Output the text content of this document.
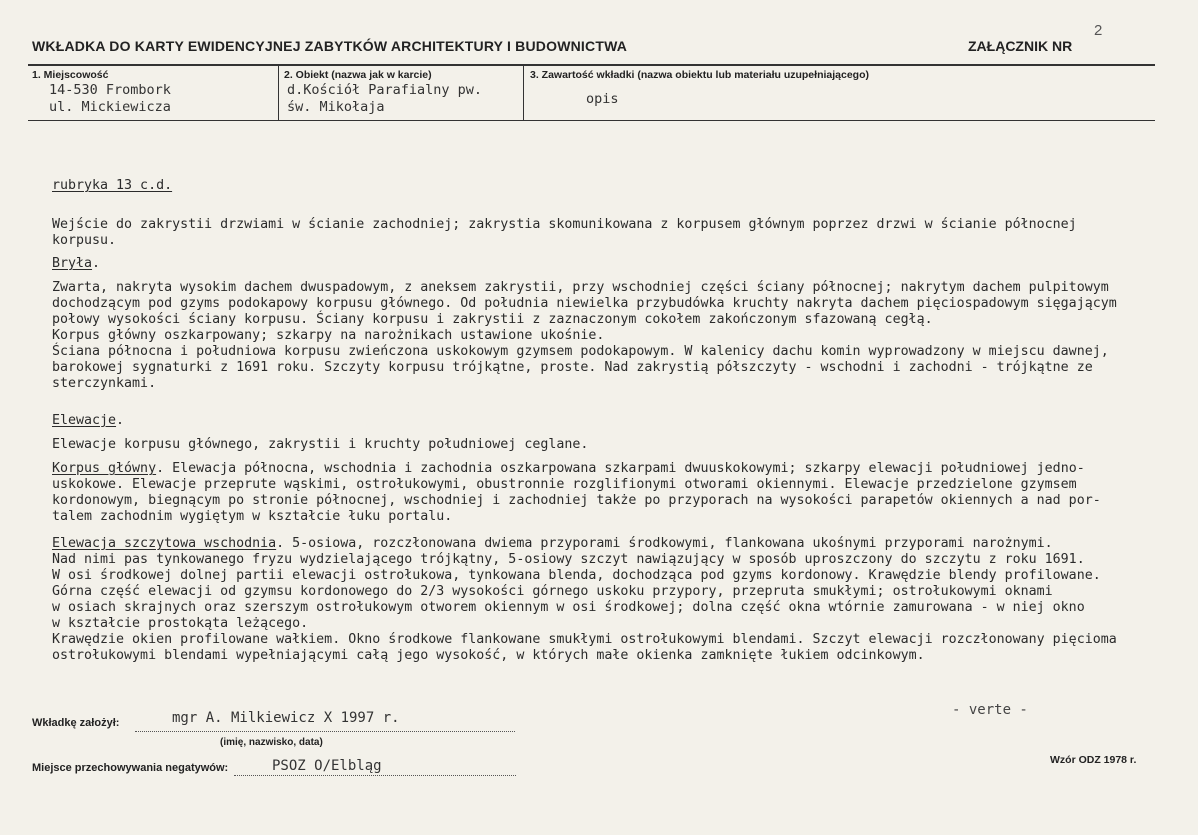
WKŁADKA DO KARTY EWIDENCYJNEJ ZABYTKÓW ARCHITEKTURY I BUDOWNICTWA	ZAŁĄCZNIK NR
2
1. Miejscowość
14-530 Frombork
ul. Mickiewicza
2. Obiekt (nazwa jak w karcie)
d.Kościół Parafialny pw.
św. Mikołaja
3. Zawartość wkładki (nazwa obiektu lub materiału uzupełniającego)
opis
rubryka 13 c.d.
Wejście do zakrystii drzwiami w ścianie zachodniej; zakrystia skomunikowana z korpusem głównym poprzez drzwi w ścianie północnej
korpusu.
Bryła.
Zwarta, nakryta wysokim dachem dwuspadowym, z aneksem zakrystii, przy wschodniej części ściany północnej; nakrytym dachem pulpitowym
dochodzącym pod gzyms podokapowy korpusu głównego. Od południa niewielka przybudówka kruchty nakryta dachem pięciospadowym sięgającym
połowy wysokości ściany korpusu. Ściany korpusu i zakrystii z zaznaczonym cokołem zakończonym sfazowaną cegłą.
Korpus główny oszkarpowany; szkarpy na narożnikach ustawione ukośnie.
Ściana północna i południowa korpusu zwieńczona uskokowym gzymsem podokapowym. W kalenicy dachu komin wyprowadzony w miejscu dawnej,
barokowej sygnaturki z 1691 roku. Szczyty korpusu trójkątne, proste. Nad zakrystią półszczyty - wschodni i zachodni - trójkątne ze
sterczynkami.
Elewacje.
Elewacje korpusu głównego, zakrystii i kruchty południowej ceglane.
Korpus główny. Elewacja północna, wschodnia i zachodnia oszkarpowana szkarpami dwuuskokowymi; szkarpy elewacji południowej jedno-
uskokowe. Elewacje przeprute wąskimi, ostrołukowymi, obustronnie rozglifionymi otworami okiennymi. Elewacje przedzielone gzymsem
kordonowym, biegnącym po stronie północnej, wschodniej i zachodniej także po przyporach na wysokości parapetów okiennych a nad por-
talem zachodnim wygiętym w kształcie łuku portalu.
Elewacja szczytowa wschodnia. 5-osiowa, rozczłonowana dwiema przyporami środkowymi, flankowana ukośnymi przyporami narożnymi.
Nad nimi pas tynkowanego fryzu wydzielającego trójkątny, 5-osiowy szczyt nawiązujący w sposób uproszczony do szczytu z roku 1691.
W osi środkowej dolnej partii elewacji ostrołukowa, tynkowana blenda, dochodząca pod gzyms kordonowy. Krawędzie blendy profilowane.
Górna część elewacji od gzymsu kordonowego do 2/3 wysokości górnego uskoku przypory, przepruta smukłymi; ostrołukowymi oknami
w osiach skrajnych oraz szerszym ostrołukowym otworem okiennym w osi środkowej; dolna część okna wtórnie zamurowana - w niej okno
w kształcie prostokąta leżącego.
Krawędzie okien profilowane wałkiem. Okno środkowe flankowane smukłymi ostrołukowymi blendami. Szczyt elewacji rozczłonowany pięcioma
ostrołukowymi blendami wypełniającymi całą jego wysokość, w których małe okienka zamknięte łukiem odcinkowym.
Wkładkę założył:	mgr A. Milkiewicz X 1997 r.
(imię, nazwisko, data)
- verte -
Miejsce przechowywania negatywów:	PSOZ O/Elbląg	Wzór ODZ 1978 r.
